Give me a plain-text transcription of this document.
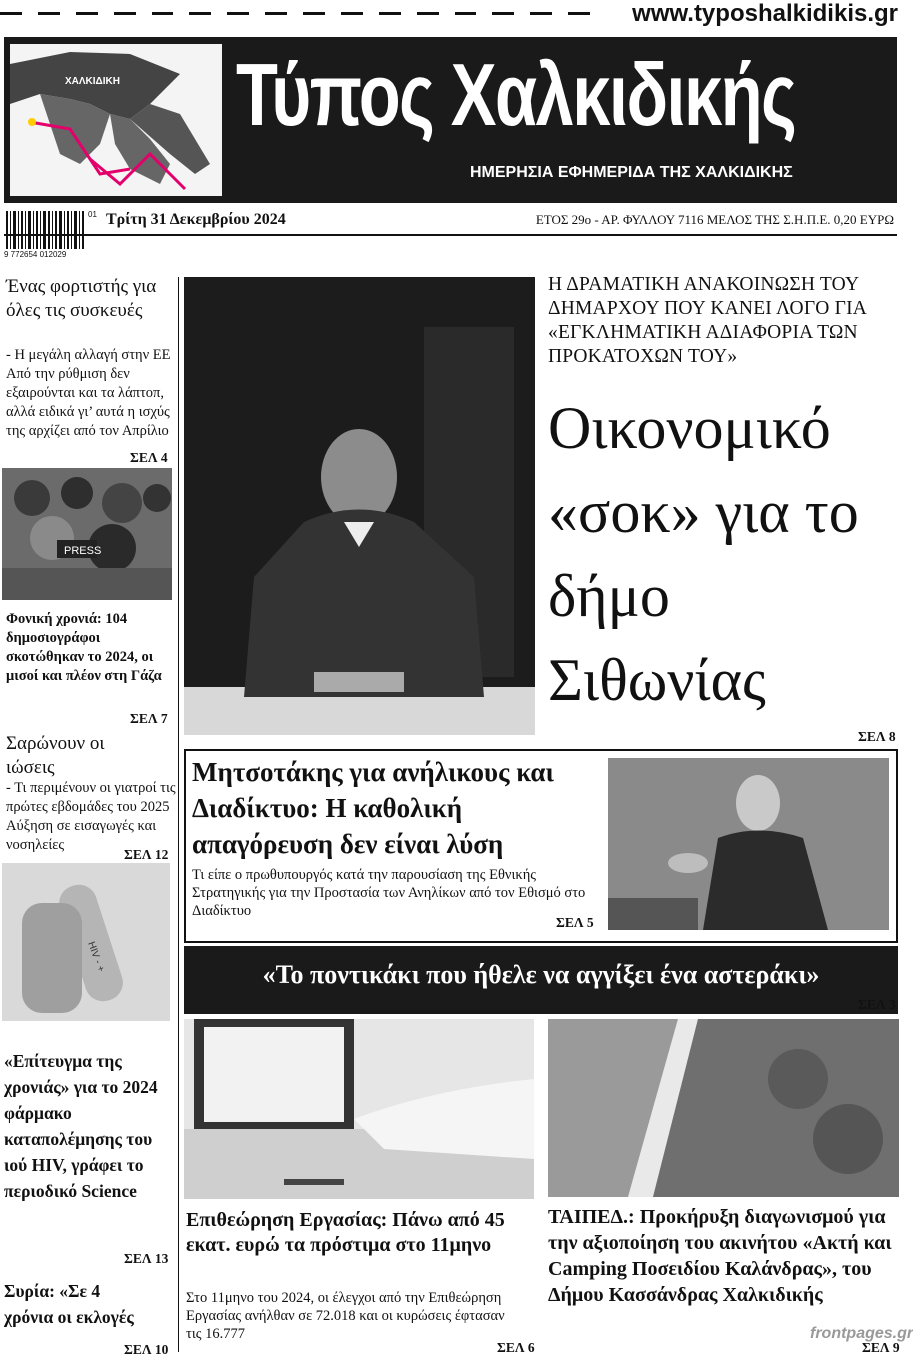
www.typoshalkidikis.gr
ΧΑΛΚΙΔΙΚΗ Τύπος Χαλκιδικής
ΗΜΕΡΗΣΙΑ ΕΦΗΜΕΡΙΔΑ ΤΗΣ ΧΑΛΚΙΔΙΚΗΣ
9 772654 012029
01 Τρίτη 31 Δεκεμβρίου 2024	ΕΤΟΣ 29ο - ΑΡ. ΦΥΛΛΟΥ 7116 ΜΕΛΟΣ ΤΗΣ Σ.Η.Π.Ε. 0,20 ΕΥΡΩ
Ένας φορτιστής για όλες τις συσκευές
- Η μεγάλη αλλαγή στην ΕΕ Από την ρύθμιση δεν εξαιρούνται και τα λάπτοπ, αλλά ειδικά γι’ αυτά η ισχύς της αρχίζει από τον Απρίλιο
ΣΕΛ 4
PRESS
Φονική χρονιά: 104 δημοσιογράφοι σκοτώθηκαν το 2024, οι μισοί και πλέον στη Γάζα
ΣΕΛ 7
Σαρώνουν οι ιώσεις
- Τι περιμένουν οι γιατροί τις πρώτες εβδομάδες του 2025 Αύξηση σε εισαγωγές και νοσηλείες
ΣΕΛ 12
HIV - +
«Επίτευγμα της χρονιάς» για το 2024 φάρμακο καταπολέμησης του ιού HIV, γράφει το περιοδικό Science
ΣΕΛ 13
Συρία: «Σε 4 χρόνια οι εκλογές
ΣΕΛ 10
Η ΔΡΑΜΑΤΙΚΗ ΑΝΑΚΟΙΝΩΣΗ ΤΟΥ ΔΗΜΑΡΧΟΥ ΠΟΥ ΚΑΝΕΙ ΛΟΓΟ ΓΙΑ «ΕΓΚΛΗΜΑΤΙΚΗ ΑΔΙΑΦΟΡΙΑ ΤΩΝ ΠΡΟΚΑΤΟΧΩΝ ΤΟΥ»
Οικονομικό «σοκ» για το δήμο Σιθωνίας
ΣΕΛ 8
Μητσοτάκης για ανήλικους και Διαδίκτυο: Η καθολική απαγόρευση δεν είναι λύση
Τι είπε ο πρωθυπουργός κατά την παρουσίαση της Εθνικής Στρατηγικής για την Προστασία των Ανηλίκων από τον Εθισμό στο Διαδίκτυο
ΣΕΛ 5
«Το ποντικάκι που ήθελε να αγγίξει ένα αστεράκι»
ΣΕΛ 3
Επιθεώρηση Εργασίας: Πάνω από 45 εκατ. ευρώ τα πρόστιμα στο 11μηνο
Στο 11μηνο του 2024, οι έλεγχοι από την Επιθεώρηση Εργασίας ανήλθαν σε 72.018 και οι κυρώσεις έφτασαν τις 16.777
ΣΕΛ 6
ΤΑΙΠΕΔ.: Προκήρυξη διαγωνισμού για την αξιοποίηση του ακινήτου «Ακτή και Camping Ποσειδίου Καλάνδρας», του Δήμου Κασσάνδρας Χαλκιδικής
ΣΕΛ 9
frontpages.gr
